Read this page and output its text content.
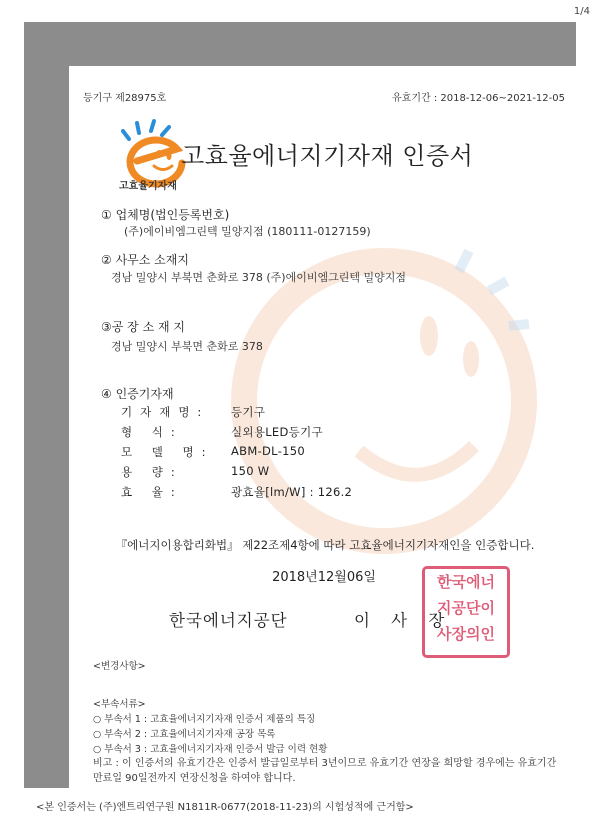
1/4
등기구 제28975호	유효기간 : 2018-12-06~2021-12-05
고효율기자재
고효율에너지기자재 인증서
① 업체명(법인등록번호)
(주)에이비엠그린텍 밀양지점 (180111-0127159)
② 사무소 소재지
경남 밀양시 부북면 춘화로 378 (주)에이비엠그린텍 밀양지점
③공 장 소 재 지
경남 밀양시 부북면 춘화로 378
④ 인증기자재
기자재명:	등기구
형 식:	실외용LED등기구
모 델 명:	ABM-DL-150
용 량:	150 W
효 율:	광효율[lm/W] : 126.2
『에너지이용합리화법』 제22조제4항에 따라 고효율에너지기자재인을 인증합니다.
2018년12월06일
한국에너지공단	이 사 장
한국에너
지공단이
사장의인
<변경사항>
<부속서류>
○ 부속서 1 : 고효율에너지기자재 인증서 제품의 특징
○ 부속서 2 : 고효율에너지기자재 공장 목록
○ 부속서 3 : 고효율에너지기자재 인증서 발급 이력 현황
비고 : 이 인증서의 유효기간은 인증서 발급일로부터 3년이므로 유효기간 연장을 희망할 경우에는 유효기간 만료일 90일전까지 연장신청을 하여야 합니다.
<본 인증서는 (주)엔트리연구원 N1811R-0677(2018-11-23)의 시험성적에 근거함>
